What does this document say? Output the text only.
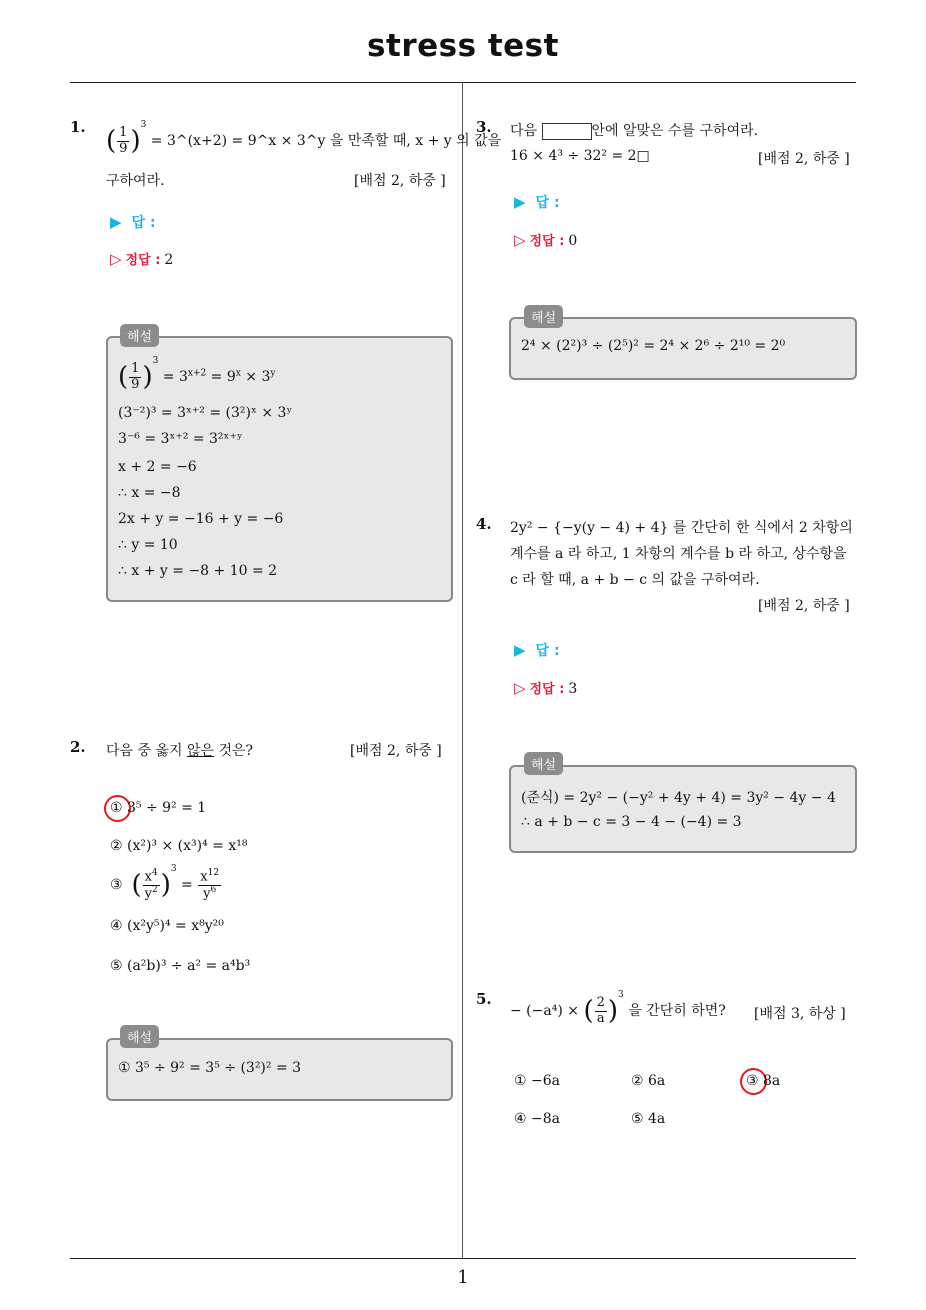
stress test
1
1. ( $\frac{1}{9} )^3$ = 3^(x+2) = 9^x × 3^y 을 만족할 때, x + y 의 값을
구하여라.	[배점 2, 하중 ]
▶ 답 :
▷ 정답 : 2
해설
( $\frac{1}{9} )^3 = 3^{x+2} = 9^x \times 3^y$
(3⁻²)³ = 3ˣ⁺² = (3²)ˣ × 3ʸ
3⁻⁶ = 3ˣ⁺² = 3²ˣ⁺ʸ
x + 2 = −6
∴ x = −8
2x + y = −16 + y = −6
∴ y = 10
∴ x + y = −8 + 10 = 2
2. 다음 중 옳지 않은 것은?	[배점 2, 하중 ]
① 3⁵ ÷ 9² = 1
② (x²)³ × (x³)⁴ = x¹⁸
③ ( $\frac{x^4}{y^2} )^3 = \frac{x^{12}}{y^6}$
④ (x²y⁵)⁴ = x⁸y²⁰
⑤ (a²b)³ ÷ a² = a⁴b³
해설
① 3⁵ ÷ 9² = 3⁵ ÷ (3²)² = 3
3. 다음	안에 알맞은 수를 구하여라.
16 × 4³ ÷ 32² = 2□	[배점 2, 하중 ]
▶ 답 :
▷ 정답 : 0
해설
2⁴ × (2²)³ ÷ (2⁵)² = 2⁴ × 2⁶ ÷ 2¹⁰ = 2⁰
4. 2y² − {−y(y − 4) + 4} 를 간단히 한 식에서 2 차항의
계수를 a 라 하고, 1 차항의 계수를 b 라 하고, 상수항을
c 라 할 때, a + b − c 의 값을 구하여라.
[배점 2, 하중 ]
▶ 답 :
▷ 정답 : 3
해설
(준식) = 2y² − (−y² + 4y + 4) = 3y² − 4y − 4
∴ a + b − c = 3 − 4 − (−4) = 3
5.
− (−a⁴) × ( $\frac{2}{a} )^3$ 을 간단히 하면? [배점 3, 하상 ]
① −6a	② 6a	③ 8a
④ −8a	⑤ 4a
